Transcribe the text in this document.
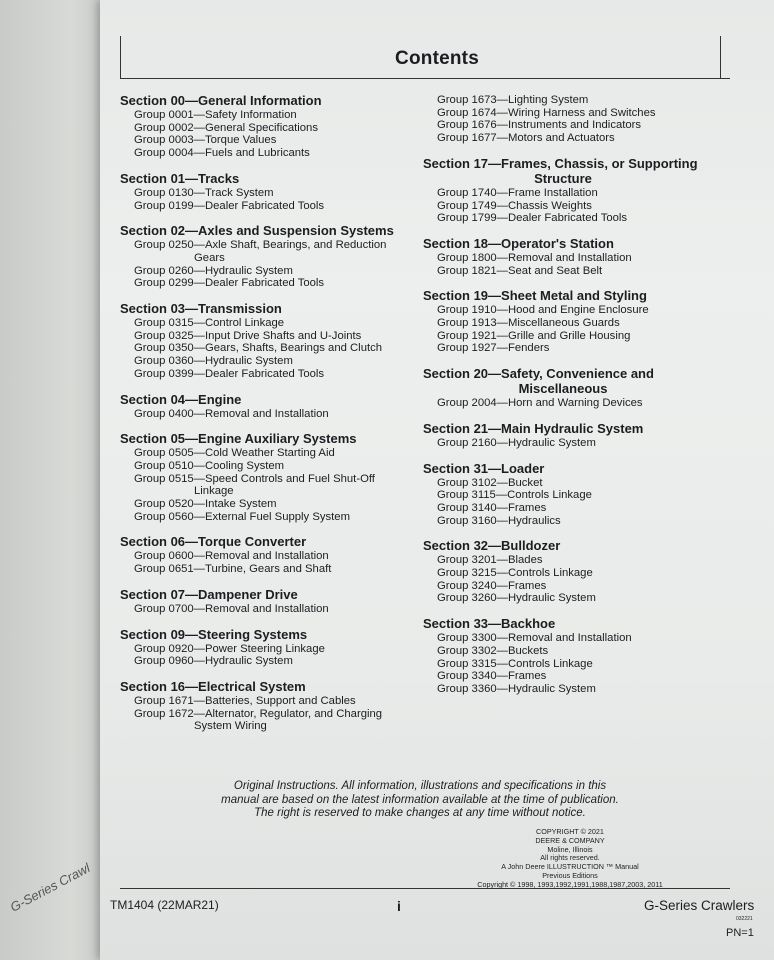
G-Series Crawl
Contents
Section 00—General Information
Group 0001—Safety Information
Group 0002—General Specifications
Group 0003—Torque Values
Group 0004—Fuels and Lubricants
Section 01—Tracks
Group 0130—Track System
Group 0199—Dealer Fabricated Tools
Section 02—Axles and Suspension Systems
Group 0250—Axle Shaft, Bearings, and Reduction
Gears
Group 0260—Hydraulic System
Group 0299—Dealer Fabricated Tools
Section 03—Transmission
Group 0315—Control Linkage
Group 0325—Input Drive Shafts and U-Joints
Group 0350—Gears, Shafts, Bearings and Clutch
Group 0360—Hydraulic System
Group 0399—Dealer Fabricated Tools
Section 04—Engine
Group 0400—Removal and Installation
Section 05—Engine Auxiliary Systems
Group 0505—Cold Weather Starting Aid
Group 0510—Cooling System
Group 0515—Speed Controls and Fuel Shut-Off
Linkage
Group 0520—Intake System
Group 0560—External Fuel Supply System
Section 06—Torque Converter
Group 0600—Removal and Installation
Group 0651—Turbine, Gears and Shaft
Section 07—Dampener Drive
Group 0700—Removal and Installation
Section 09—Steering Systems
Group 0920—Power Steering Linkage
Group 0960—Hydraulic System
Section 16—Electrical System
Group 1671—Batteries, Support and Cables
Group 1672—Alternator, Regulator, and Charging
System Wiring
Group 1673—Lighting System
Group 1674—Wiring Harness and Switches
Group 1676—Instruments and Indicators
Group 1677—Motors and Actuators
Section 17—Frames, Chassis, or Supporting
Structure
Group 1740—Frame Installation
Group 1749—Chassis Weights
Group 1799—Dealer Fabricated Tools
Section 18—Operator's Station
Group 1800—Removal and Installation
Group 1821—Seat and Seat Belt
Section 19—Sheet Metal and Styling
Group 1910—Hood and Engine Enclosure
Group 1913—Miscellaneous Guards
Group 1921—Grille and Grille Housing
Group 1927—Fenders
Section 20—Safety, Convenience and
Miscellaneous
Group 2004—Horn and Warning Devices
Section 21—Main Hydraulic System
Group 2160—Hydraulic System
Section 31—Loader
Group 3102—Bucket
Group 3115—Controls Linkage
Group 3140—Frames
Group 3160—Hydraulics
Section 32—Bulldozer
Group 3201—Blades
Group 3215—Controls Linkage
Group 3240—Frames
Group 3260—Hydraulic System
Section 33—Backhoe
Group 3300—Removal and Installation
Group 3302—Buckets
Group 3315—Controls Linkage
Group 3340—Frames
Group 3360—Hydraulic System
Original Instructions. All information, illustrations and specifications in this
manual are based on the latest information available at the time of publication.
The right is reserved to make changes at any time without notice.
COPYRIGHT © 2021
DEERE & COMPANY
Moline, Illinois
All rights reserved.
A John Deere ILLUSTRUCTION ™ Manual
Previous Editions
Copyright © 1998, 1993,1992,1991,1988,1987,2003, 2011
TM1404 (22MAR21)	i	G-Series Crawlers
032221
PN=1
